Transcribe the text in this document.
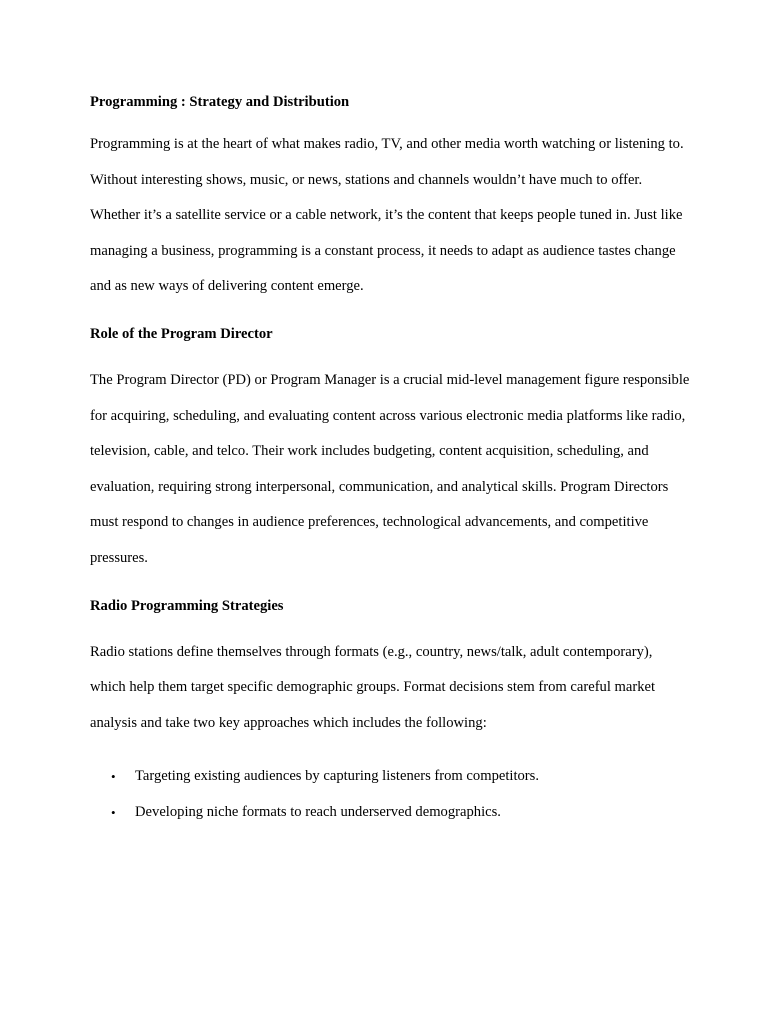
Programming : Strategy and Distribution

Programming is at the heart of what makes radio, TV, and other media worth watching or listening to. Without interesting shows, music, or news, stations and channels wouldn’t have much to offer. Whether it’s a satellite service or a cable network, it’s the content that keeps people tuned in. Just like managing a business, programming is a constant process, it needs to adapt as audience tastes change and as new ways of delivering content emerge.

Role of the Program Director

The Program Director (PD) or Program Manager is a crucial mid-level management figure responsible for acquiring, scheduling, and evaluating content across various electronic media platforms like radio, television, cable, and telco. Their work includes budgeting, content acquisition, scheduling, and evaluation, requiring strong interpersonal, communication, and analytical skills. Program Directors must respond to changes in audience preferences, technological advancements, and competitive pressures.

Radio Programming Strategies

Radio stations define themselves through formats (e.g., country, news/talk, adult contemporary), which help them target specific demographic groups. Format decisions stem from careful market analysis and take two key approaches which includes the following:

• Targeting existing audiences by capturing listeners from competitors.
• Developing niche formats to reach underserved demographics.
